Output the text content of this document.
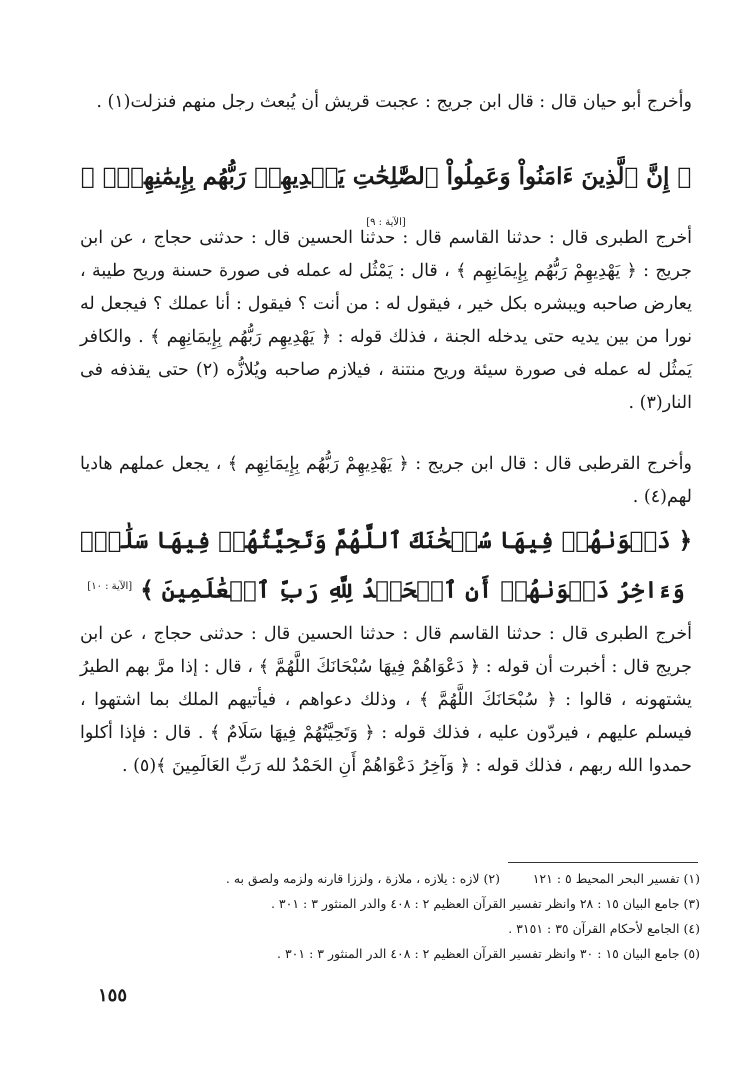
وأخرج أبو حيان قال : قال ابن جريج : عجبت قريش أن يُبعث رجل منهم فنزلت(١) .

﴿ إِنَّ ٱلَّذِينَ ءَامَنُواْ وَعَمِلُواْ ٱلصَّٰلِحَٰتِ يَهۡدِيهِمۡ رَبُّهُم بِإِيمَٰنِهِمۡۖ ﴾ [الآية : ٩]

أخرج الطبرى قال : حدثنا القاسم قال : حدثنا الحسين قال : حدثنى حجاج ، عن ابن جريج : ﴿ يَهْدِيهِمْ رَبُّهُم بِإِيمَانِهِم ﴾ ، قال : يَمْثُل له عمله فى صورة حسنة وريح طيبة ، يعارض صاحبه ويبشره بكل خير ، فيقول له : من أنت ؟ فيقول : أنا عملك ؟ فيجعل له نورا من بين يديه حتى يدخله الجنة ، فذلك قوله : ﴿ يَهْدِيهِم رَبُّهُم بِإِيمَانِهِم ﴾ . والكافر يَمثُل له عمله فى صورة سيئة وريح منتنة ، فيلازم صاحبه ويُلازُّه (٢) حتى يقذفه فى النار(٣) .

وأخرج القرطبى قال : قال ابن جريج : ﴿ يَهْدِيهِمْ رَبُّهُم بِإِيمَانِهِم ﴾ ، يجعل عملهم هاديا لهم(٤) .

﴿ دَعۡوَىٰهُمۡ فِيهَا سُبۡحَٰنَكَ ٱللَّهُمَّ وَتَحِيَّتُهُمۡ فِيهَا سَلَٰمٞۚ وَءَاخِرُ دَعۡوَىٰهُمۡ أَنِ ٱلۡحَمۡدُ لِلَّهِ رَبِّ ٱلۡعَٰلَمِينَ ﴾ [الآية : ١٠]

أخرج الطبرى قال : حدثنا القاسم قال : حدثنا الحسين قال : حدثنى حجاج ، عن ابن جريج قال : أخبرت أن قوله : ﴿ دَعْوَاهُمْ فِيهَا سُبْحَانَكَ اللَّهُمَّ ﴾ ، قال : إذا مرَّ بهم الطيرُ يشتهونه ، قالوا : ﴿ سُبْحَانَكَ اللَّهُمَّ ﴾ ، وذلك دعواهم ، فيأتيهم الملك بما اشتهوا ، فيسلم عليهم ، فيردّون عليه ، فذلك قوله : ﴿ وَتَحِيَّتُهُمْ فِيهَا سَلَامٌ ﴾ . قال : فإذا أكلوا حمدوا الله ربهم ، فذلك قوله : ﴿ وَآخِرُ دَعْوَاهُمْ أَنِ الحَمْدُ لله رَبِّ العَالَمِينَ ﴾(٥) .

(١) تفسير البحر المحيط ٥ : ١٢١
(٢) لازه : يلازه ، ملازة ، ولززا قارنه ولزمه ولصق به .
(٣) جامع البيان ١٥ : ٢٨ وانظر تفسير القرآن العظيم ٢ : ٤٠٨ والدر المنثور ٣ : ٣٠١ .
(٤) الجامع لأحكام القرآن ٣٥ : ٣١٥١ .
(٥) جامع البيان ١٥ : ٣٠ وانظر تفسير القرآن العظيم ٢ : ٤٠٨ الدر المنثور ٣ : ٣٠١ .
١٥٥
